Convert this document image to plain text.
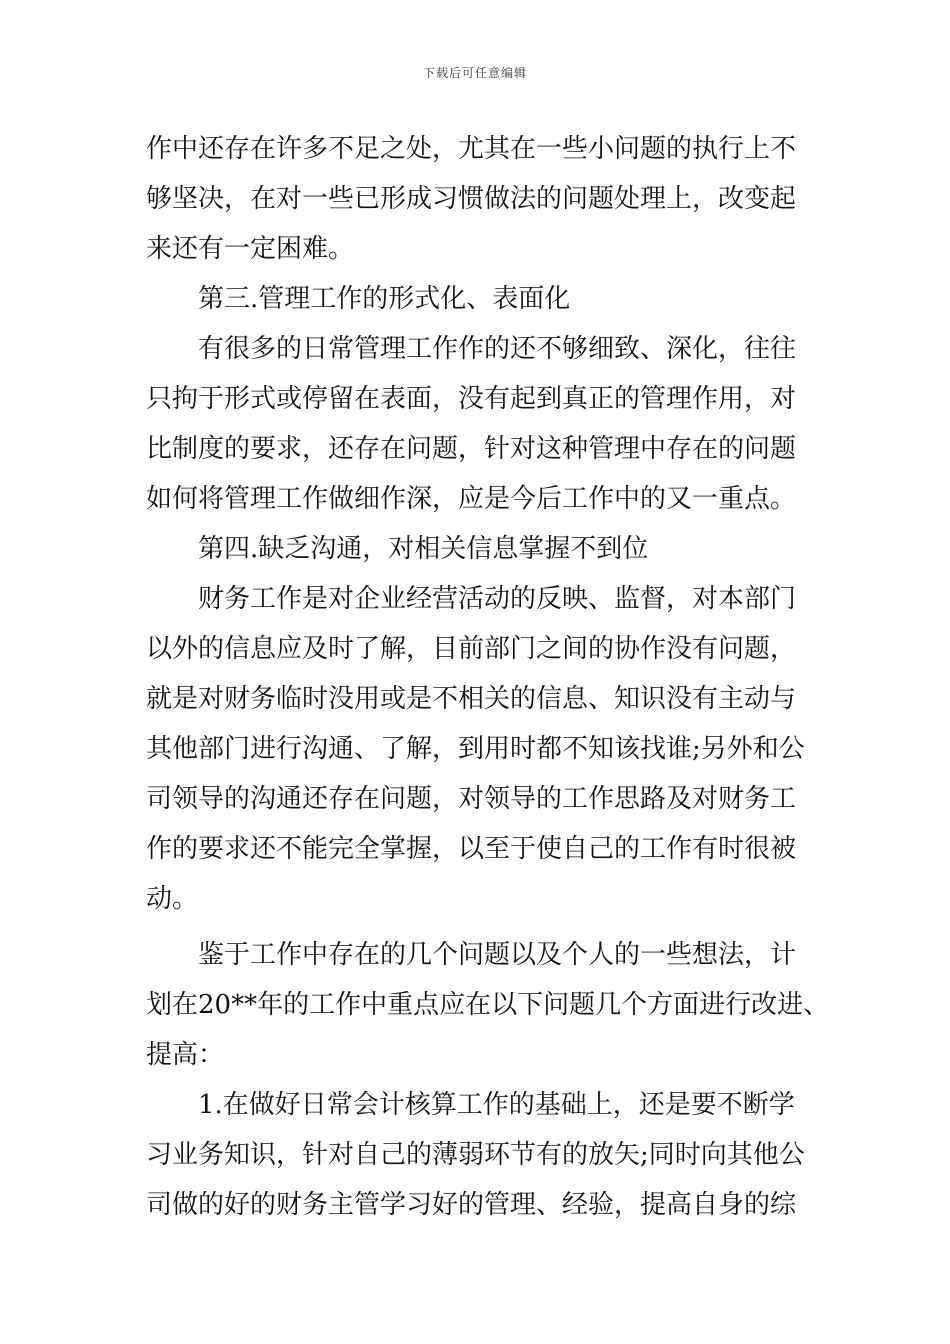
下载后可任意编辑
作中还存在许多不足之处，尤其在一些小问题的执行上不
够坚决，在对一些已形成习惯做法的问题处理上，改变起
来还有一定困难。
第三.管理工作的形式化、表面化
有很多的日常管理工作作的还不够细致、深化，往往
只拘于形式或停留在表面，没有起到真正的管理作用，对
比制度的要求，还存在问题，针对这种管理中存在的问题
如何将管理工作做细作深，应是今后工作中的又一重点。
第四.缺乏沟通，对相关信息掌握不到位
财务工作是对企业经营活动的反映、监督，对本部门
以外的信息应及时了解，目前部门之间的协作没有问题，
就是对财务临时没用或是不相关的信息、知识没有主动与
其他部门进行沟通、了解，到用时都不知该找谁;另外和公
司领导的沟通还存在问题，对领导的工作思路及对财务工
作的要求还不能完全掌握，以至于使自己的工作有时很被
动。
鉴于工作中存在的几个问题以及个人的一些想法，计
划在20**年的工作中重点应在以下问题几个方面进行改进、
提高：
1.在做好日常会计核算工作的基础上，还是要不断学
习业务知识，针对自己的薄弱环节有的放矢;同时向其他公
司做的好的财务主管学习好的管理、经验，提高自身的综
